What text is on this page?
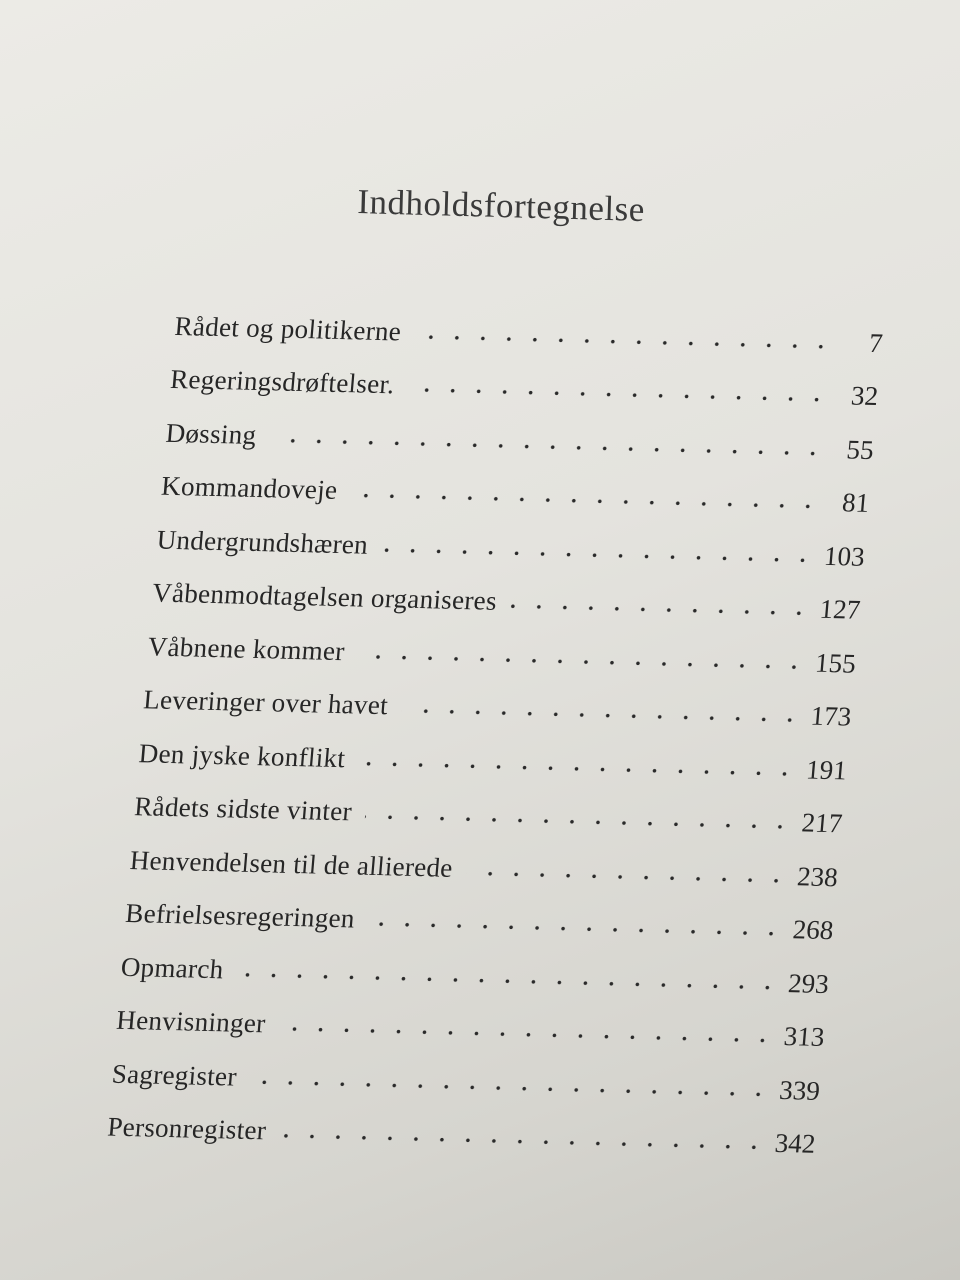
Indholdsfortegnelse
Rådet og politikerne	7
Regeringsdrøftelser.	32
Døssing	55
Kommandoveje	81
Undergrundshæren	103
Våbenmodtagelsen organiseres	127
Våbnene kommer	155
Leveringer over havet	173
Den jyske konflikt	191
Rådets sidste vinter	217
Henvendelsen til de allierede	238
Befrielsesregeringen	268
Opmarch	293
Henvisninger	313
Sagregister	339
Personregister	342
